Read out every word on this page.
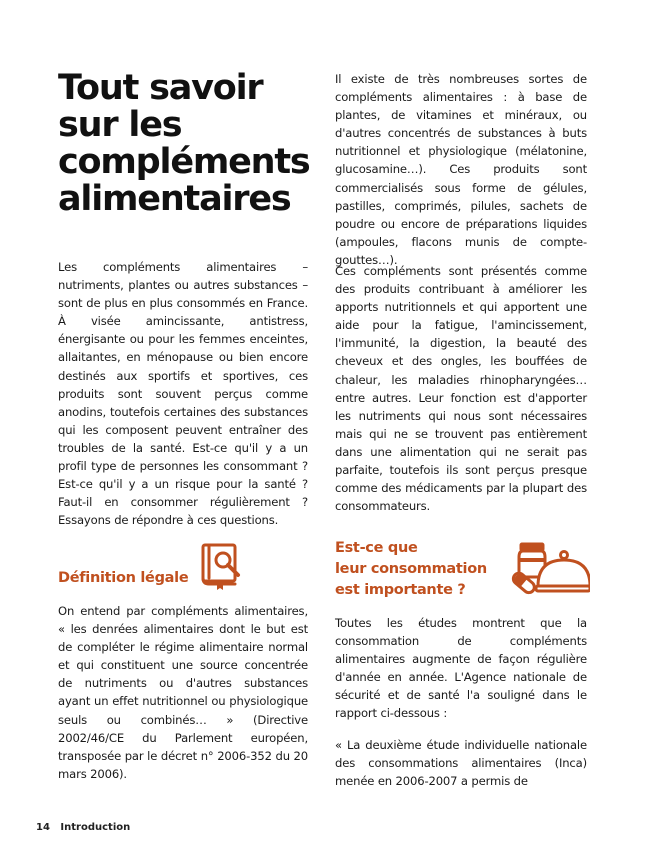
Tout savoir
sur les
compléments
alimentaires

Les compléments alimentaires – nutriments, plantes ou autres substances – sont de plus en plus consommés en France. À visée amincissante, antistress, énergisante ou pour les femmes enceintes, allaitantes, en ménopause ou bien encore destinés aux sportifs et sportives, ces produits sont souvent perçus comme anodins, toutefois certaines des substances qui les composent peuvent entraîner des troubles de la santé. Est-ce qu'il y a un profil type de personnes les consommant ? Est-ce qu'il y a un risque pour la santé ? Faut-il en consommer régulièrement ? Essayons de répondre à ces questions.

Définition légale

On entend par compléments alimentaires, « les denrées alimentaires dont le but est de compléter le régime alimentaire normal et qui constituent une source concentrée de nutriments ou d'autres substances ayant un effet nutritionnel ou physiologique seuls ou combinés… » (Directive 2002/46/CE du Parlement européen, transposée par le décret n° 2006-352 du 20 mars 2006).

Il existe de très nombreuses sortes de compléments alimentaires : à base de plantes, de vitamines et minéraux, ou d'autres concentrés de substances à buts nutritionnel et physiologique (mélatonine, glucosamine…). Ces produits sont commercialisés sous forme de gélules, pastilles, comprimés, pilules, sachets de poudre ou encore de préparations liquides (ampoules, flacons munis de compte-gouttes…).

Ces compléments sont présentés comme des produits contribuant à améliorer les apports nutritionnels et qui apportent une aide pour la fatigue, l'amincissement, l'immunité, la digestion, la beauté des cheveux et des ongles, les bouffées de chaleur, les maladies rhinopharyngées… entre autres. Leur fonction est d'apporter les nutriments qui nous sont nécessaires mais qui ne se trouvent pas entièrement dans une alimentation qui ne serait pas parfaite, toutefois ils sont perçus presque comme des médicaments par la plupart des consommateurs.

Est-ce que
leur consommation
est importante ?

Toutes les études montrent que la consommation de compléments alimentaires augmente de façon régulière d'année en année. L'Agence nationale de sécurité et de santé l'a souligné dans le rapport ci-dessous :

« La deuxième étude individuelle nationale des consommations alimentaires (Inca) menée en 2006-2007 a permis de

14 Introduction
